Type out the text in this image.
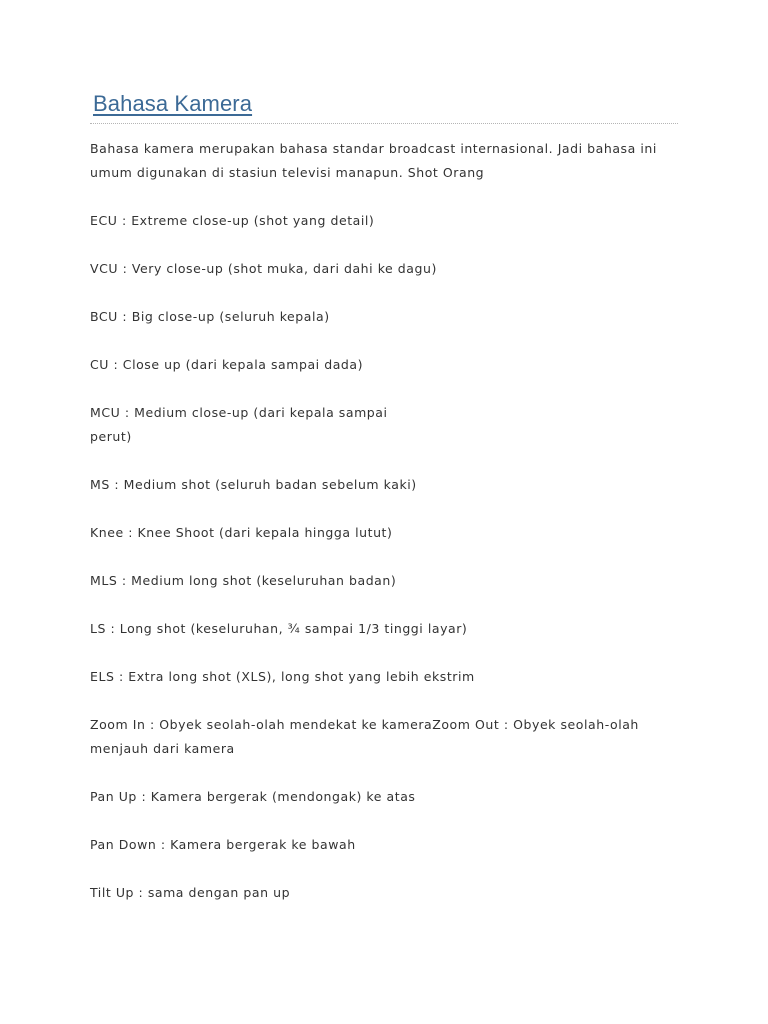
Bahasa Kamera

Bahasa kamera merupakan bahasa standar broadcast internasional. Jadi bahasa ini
umum digunakan di stasiun televisi manapun. Shot Orang

ECU : Extreme close-up (shot yang detail)

VCU : Very close-up (shot muka, dari dahi ke dagu)

BCU : Big close-up (seluruh kepala)

CU : Close up (dari kepala sampai dada)

MCU : Medium close-up (dari kepala sampai
perut)

MS : Medium shot (seluruh badan sebelum kaki)

Knee : Knee Shoot (dari kepala hingga lutut)

MLS : Medium long shot (keseluruhan badan)

LS : Long shot (keseluruhan, ¾ sampai 1/3 tinggi layar)

ELS : Extra long shot (XLS), long shot yang lebih ekstrim

Zoom In : Obyek seolah-olah mendekat ke kameraZoom Out : Obyek seolah-olah
menjauh dari kamera

Pan Up : Kamera bergerak (mendongak) ke atas

Pan Down : Kamera bergerak ke bawah

Tilt Up : sama dengan pan up
